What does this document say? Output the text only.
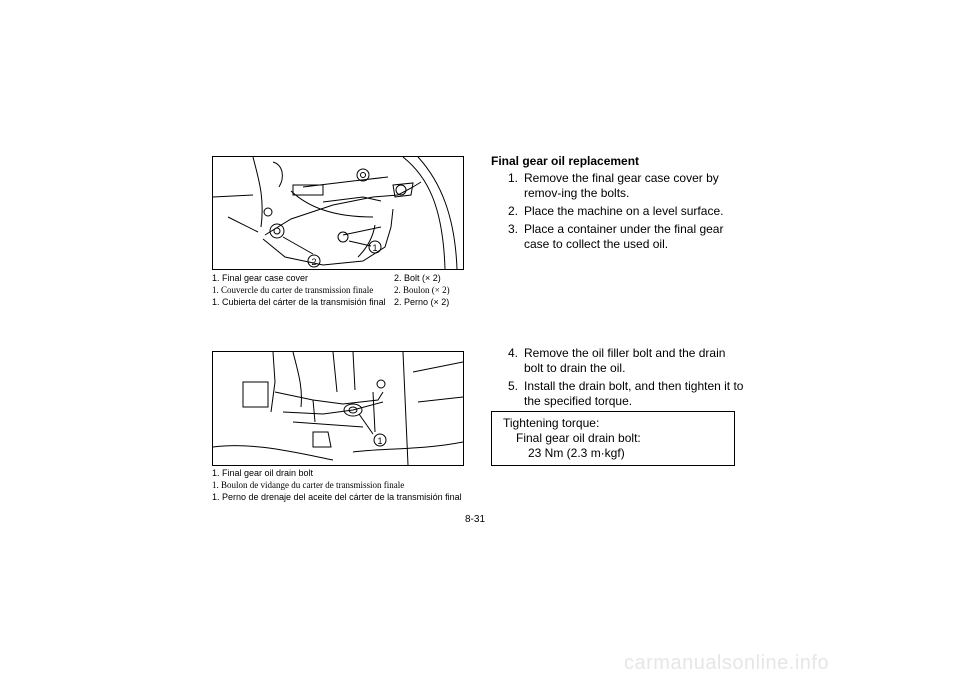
2
1
1. Final gear case cover	2. Bolt (× 2)
1. Couvercle du carter de transmission finale	2. Boulon (× 2)
1. Cubierta del cárter de la transmisión final 2. Perno (× 2)
1
1. Final gear oil drain bolt
1. Boulon de vidange du carter de transmission finale
1. Perno de drenaje del aceite del cárter de la transmisión final
Final gear oil replacement
1. Remove the final gear case cover by remov-ing the bolts.
2. Place the machine on a level surface.
3. Place a container under the final gear case to collect the used oil.
4. Remove the oil filler bolt and the drain bolt to drain the oil.
5. Install the drain bolt, and then tighten it to the specified torque.
Tightening torque:
Final gear oil drain bolt:
23 Nm (2.3 m·kgf)
8-31
carmanualsonline.info
